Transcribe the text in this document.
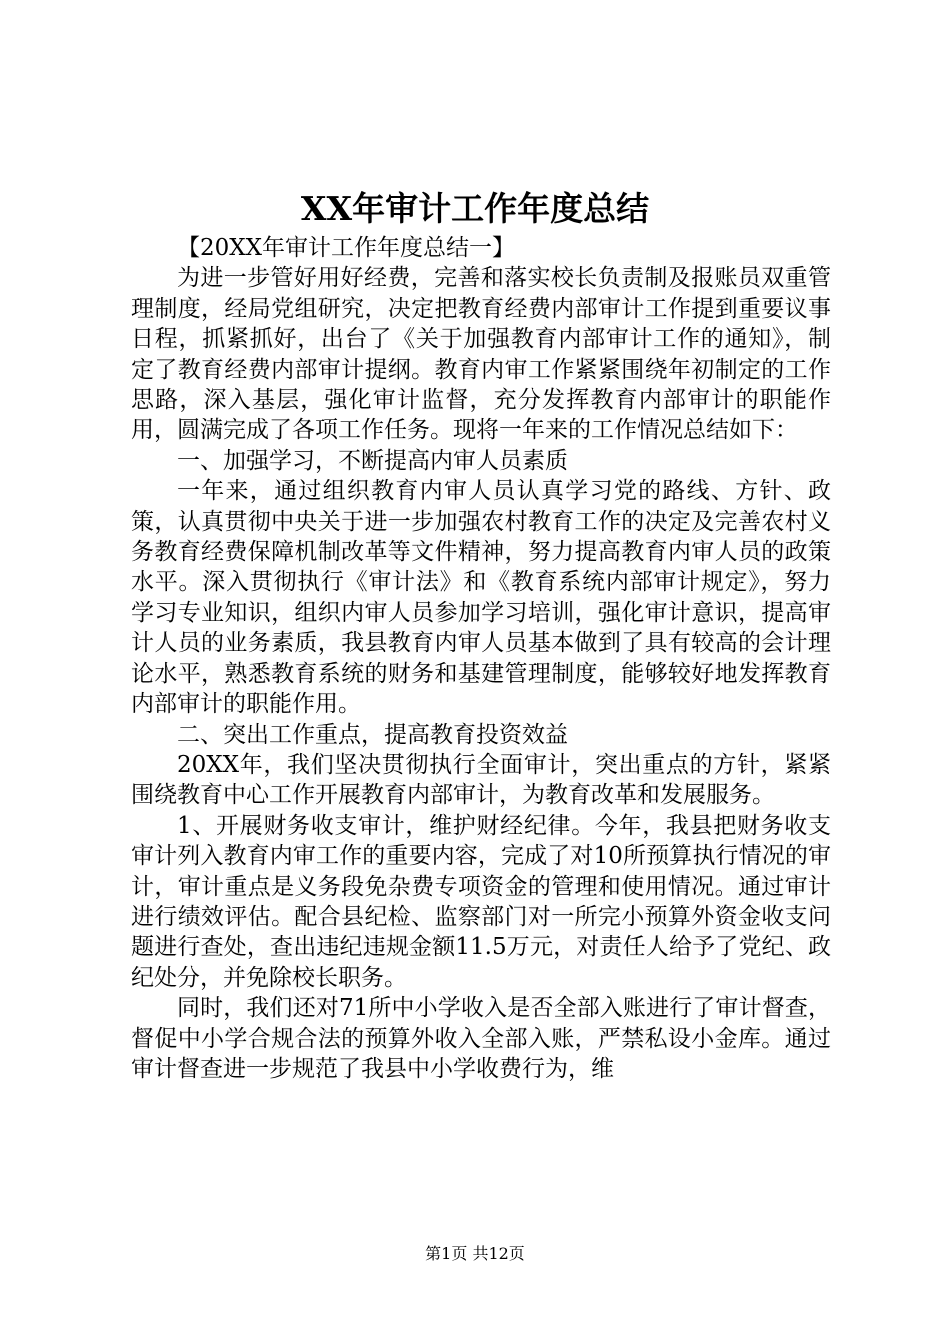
XX年审计工作年度总结

【20XX年审计工作年度总结一】

为进一步管好用好经费，完善和落实校长负责制及报账员双重管理制度，经局党组研究，决定把教育经费内部审计工作提到重要议事日程，抓紧抓好，出台了《关于加强教育内部审计工作的通知》，制定了教育经费内部审计提纲。教育内审工作紧紧围绕年初制定的工作思路，深入基层，强化审计监督，充分发挥教育内部审计的职能作用，圆满完成了各项工作任务。现将一年来的工作情况总结如下：

一、加强学习，不断提高内审人员素质

一年来，通过组织教育内审人员认真学习党的路线、方针、政策，认真贯彻中央关于进一步加强农村教育工作的决定及完善农村义务教育经费保障机制改革等文件精神，努力提高教育内审人员的政策水平。深入贯彻执行《审计法》和《教育系统内部审计规定》，努力学习专业知识，组织内审人员参加学习培训，强化审计意识，提高审计人员的业务素质，我县教育内审人员基本做到了具有较高的会计理论水平，熟悉教育系统的财务和基建管理制度，能够较好地发挥教育内部审计的职能作用。

二、突出工作重点，提高教育投资效益

20XX年，我们坚决贯彻执行全面审计，突出重点的方针，紧紧围绕教育中心工作开展教育内部审计，为教育改革和发展服务。

1、开展财务收支审计，维护财经纪律。今年，我县把财务收支审计列入教育内审工作的重要内容，完成了对10所预算执行情况的审计，审计重点是义务段免杂费专项资金的管理和使用情况。通过审计进行绩效评估。配合县纪检、监察部门对一所完小预算外资金收支问题进行查处，查出违纪违规金额11.5万元，对责任人给予了党纪、政纪处分，并免除校长职务。

同时，我们还对71所中小学收入是否全部入账进行了审计督查，督促中小学合规合法的预算外收入全部入账，严禁私设小金库。通过审计督查进一步规范了我县中小学收费行为，维

第1页 共12页
